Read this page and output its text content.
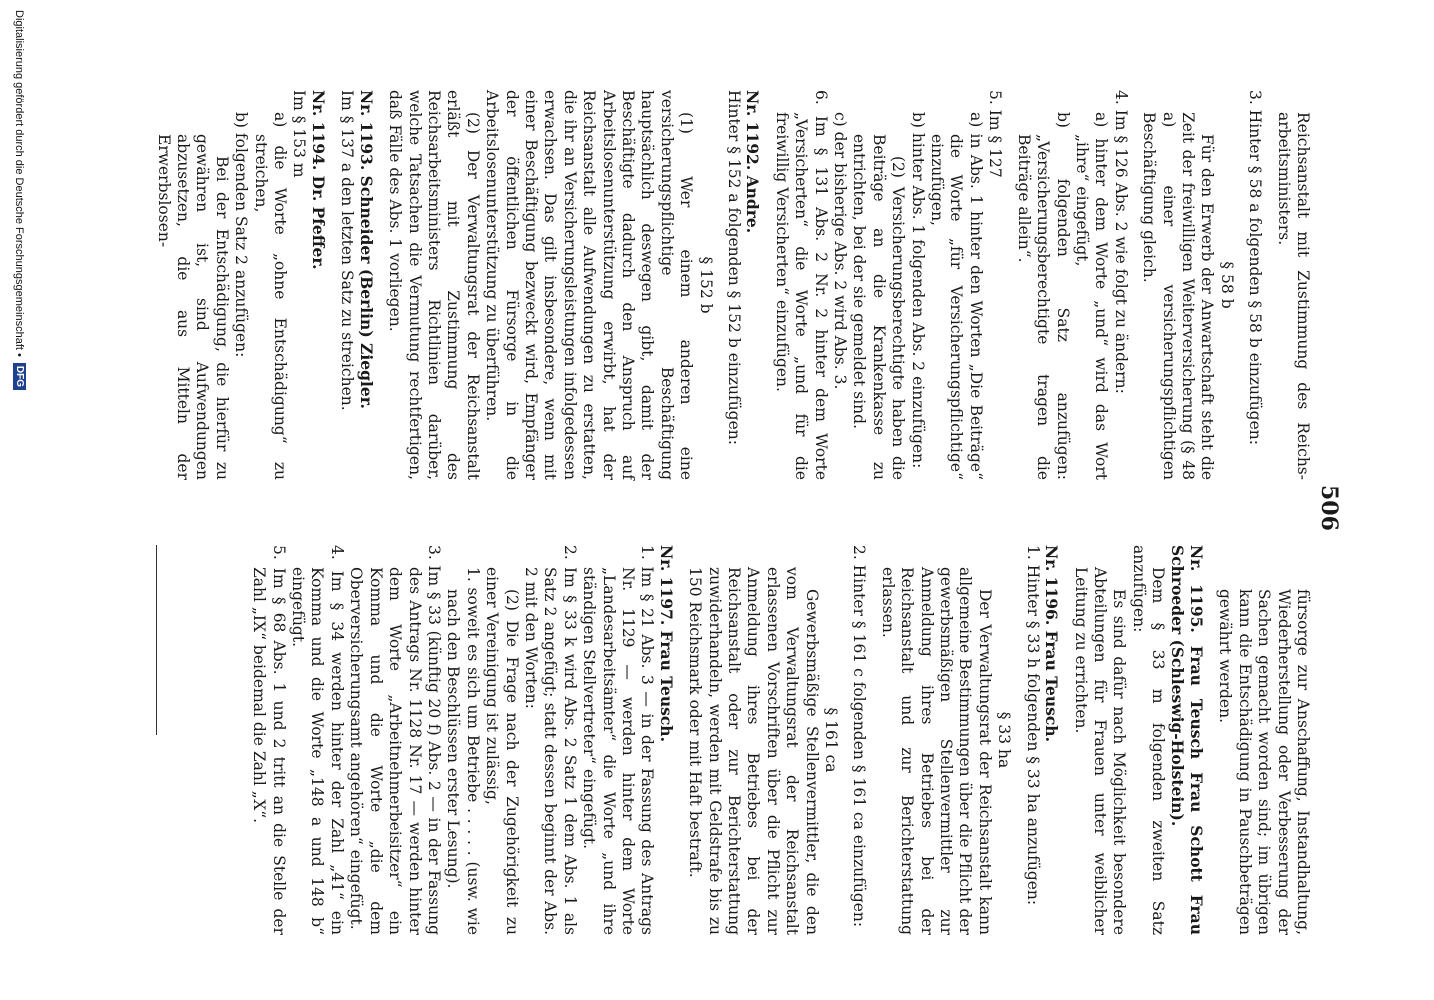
506

Reichsanstalt mit Zustimmung des Reichs-arbeitsministers.

3. Hinter § 58 a folgenden § 58 b einzufügen:

§ 58 b

Für den Erwerb der Anwartschaft steht die Zeit der freiwilligen Weiterversicherung (§ 48 a) einer versicherungspflichtigen Beschäftigung gleich.

4. Im § 126 Abs. 2 wie folgt zu ändern:

a) hinter dem Worte „und“ wird das Wort „ihre“ eingefügt,

b) folgenden Satz anzufügen: „Versicherungsberechtigte tragen die Beiträge allein“.

5. Im § 127

a) in Abs. 1 hinter den Worten „Die Beiträge“ die Worte „für Versicherungspflichtige“ einzufügen,

b) hinter Abs. 1 folgenden Abs. 2 einzufügen:

(2) Versicherungsberechtigte haben die Beiträge an die Krankenkasse zu entrichten, bei der sie gemeldet sind.

c) der bisherige Abs. 2 wird Abs. 3.

6. Im § 131 Abs. 2 Nr. 2 hinter dem Worte „Versicherten“ die Worte „und für die freiwillig Versicherten“ einzufügen.

Nr. 1192. Andre.

Hinter § 152 a folgenden § 152 b einzufügen:

§ 152 b

(1) Wer einem anderen eine versicherungspflichtige Beschäftigung hauptsächlich deswegen gibt, damit der Beschäftigte dadurch den Anspruch auf Arbeitslosenunterstützung erwirbt, hat der Reichsanstalt alle Aufwendungen zu erstatten, die ihr an Versicherungsleistungen infolgedessen erwachsen. Das gilt insbesondere, wenn mit einer Beschäftigung bezweckt wird, Empfänger der öffentlichen Fürsorge in die Arbeitslosenunterstützung zu überführen.

(2) Der Verwaltungsrat der Reichsanstalt erläßt mit Zustimmung des Reichsarbeitsministers Richtlinien darüber, welche Tatsachen die Vermutung rechtfertigen, daß Fälle des Abs. 1 vorliegen.

Nr. 1193. Schneider (Berlin) Ziegler.

Im § 137 a den letzten Satz zu streichen.

Nr. 1194. Dr. Pfeffer.

Im § 153 m

a) die Worte „ohne Entschädigung“ zu streichen,

b) folgenden Satz 2 anzufügen:

Bei der Entschädigung, die hierfür zu gewähren ist, sind Aufwendungen abzusetzen, die aus Mitteln der Erwerbslosen-

fürsorge zur Anschaffung, Instandhaltung, Wiederherstellung oder Verbesserung der Sachen gemacht worden sind; im übrigen kann die Entschädigung in Pauschbeträgen gewährt werden.

Nr. 1195. Frau Teusch Frau Schott Frau Schroeder (Schleswig-Holstein).

Dem § 33 m folgenden zweiten Satz anzufügen:

Es sind dafür nach Möglichkeit besondere Abteilungen für Frauen unter weiblicher Leitung zu errichten.

Nr. 1196. Frau Teusch.

1. Hinter § 33 h folgenden § 33 ha anzufügen:

§ 33 ha

Der Verwaltungsrat der Reichsanstalt kann allgemeine Bestimmungen über die Pflicht der gewerbsmäßigen Stellenvermittler zur Anmeldung ihres Betriebes bei der Reichsanstalt und zur Berichterstattung erlassen.

2. Hinter § 161 c folgenden § 161 ca einzufügen:

§ 161 ca

Gewerbsmäßige Stellenvermittler, die den vom Verwaltungsrat der Reichsanstalt erlassenen Vorschriften über die Pflicht zur Anmeldung ihres Betriebes bei der Reichsanstalt oder zur Berichterstattung zuwiderhandeln, werden mit Geldstrafe bis zu 150 Reichsmark oder mit Haft bestraft.

Nr. 1197. Frau Teusch.

1. Im § 21 Abs. 3 — in der Fassung des Antrags Nr. 1129 — werden hinter dem Worte „Landesarbeitsämter“ die Worte „und ihre ständigen Stellvertreter“ eingefügt.

2. Im § 33 k wird Abs. 2 Satz 1 dem Abs. 1 als Satz 2 angefügt; statt dessen beginnt der Abs. 2 mit den Worten:

(2) Die Frage nach der Zugehörigkeit zu einer Vereinigung ist zulässig,

1. soweit es sich um Betriebe . . . . . (usw. wie nach den Beschlüssen erster Lesung).

3. Im § 33 (künftig 20 f) Abs. 2 — in der Fassung des Antrags Nr. 1128 Nr. 17 — werden hinter dem Worte „Arbeitnehmerbeisitzer“ ein Komma und die Worte „die dem Oberversicherungsamt angehören“ eingefügt.

4. Im § 34 werden hinter der Zahl „41“ ein Komma und die Worte „148 a und 148 b“ eingefügt.

5. Im § 68 Abs. 1 und 2 tritt an die Stelle der Zahl „IX“ beidemal die Zahl „X“.

Digitalisierung gefördert durch die Deutsche Forschungsgemeinschaft •
DFG
